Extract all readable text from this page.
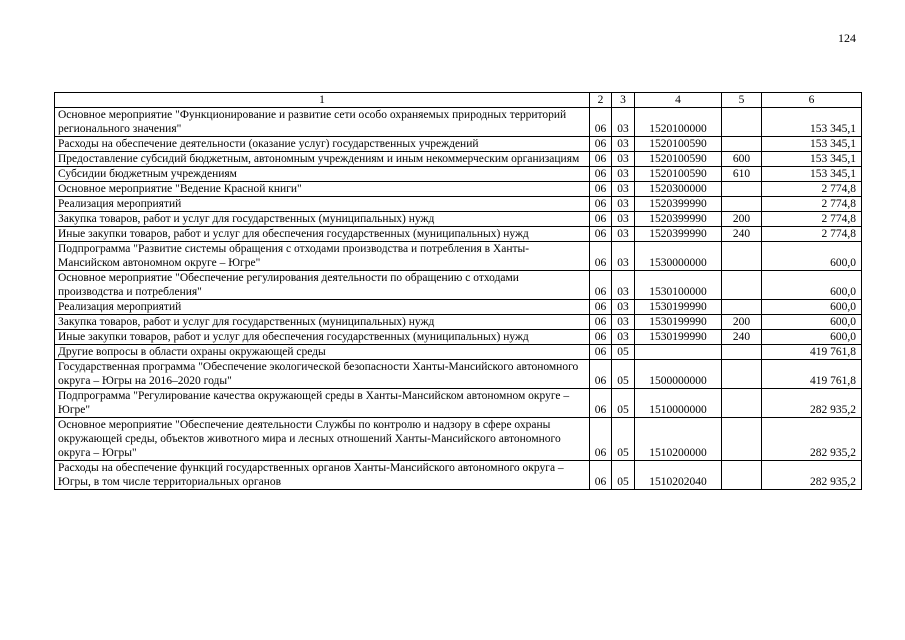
124
1	2	3	4	5	6
Основное мероприятие "Функционирование и развитие сети особо охраняемых природных территорий регионального значения"	06	03	1520100000		153 345,1
Расходы на обеспечение деятельности (оказание услуг) государственных учреждений	06	03	1520100590		153 345,1
Предоставление субсидий бюджетным, автономным учреждениям и иным некоммерческим организациям	06	03	1520100590	600	153 345,1
Субсидии бюджетным учреждениям	06	03	1520100590	610	153 345,1
Основное мероприятие "Ведение Красной книги"	06	03	1520300000		2 774,8
Реализация мероприятий	06	03	1520399990		2 774,8
Закупка товаров, работ и услуг для государственных (муниципальных) нужд	06	03	1520399990	200	2 774,8
Иные закупки товаров, работ и услуг для обеспечения государственных (муниципальных) нужд	06	03	1520399990	240	2 774,8
Подпрограмма "Развитие системы обращения с отходами производства и потребления в Ханты-Мансийском автономном округе – Югре"	06	03	1530000000		600,0
Основное мероприятие "Обеспечение регулирования деятельности по обращению с отходами производства и потребления"	06	03	1530100000		600,0
Реализация мероприятий	06	03	1530199990		600,0
Закупка товаров, работ и услуг для государственных (муниципальных) нужд	06	03	1530199990	200	600,0
Иные закупки товаров, работ и услуг для обеспечения государственных (муниципальных) нужд	06	03	1530199990	240	600,0
Другие вопросы в области охраны окружающей среды	06	05			419 761,8
Государственная программа "Обеспечение экологической безопасности Ханты-Мансийского автономного округа – Югры на 2016–2020 годы"	06	05	1500000000		419 761,8
Подпрограмма "Регулирование качества окружающей среды в Ханты-Мансийском автономном округе – Югре"	06	05	1510000000		282 935,2
Основное мероприятие "Обеспечение деятельности Службы по контролю и надзору в сфере охраны окружающей среды, объектов животного мира и лесных отношений Ханты-Мансийского автономного округа – Югры"	06	05	1510200000		282 935,2
Расходы на обеспечение функций государственных органов Ханты-Мансийского автономного округа – Югры, в том числе территориальных органов	06	05	1510202040		282 935,2
